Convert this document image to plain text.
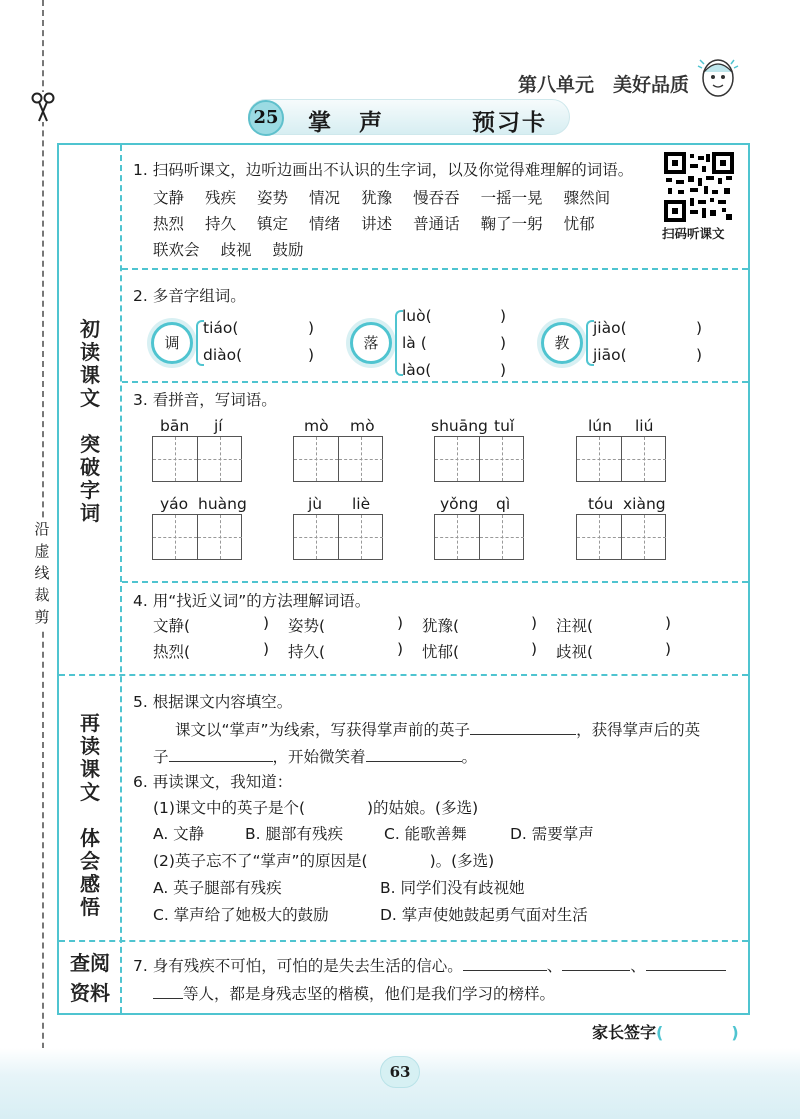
沿
虚
线
裁
剪
第八单元　美好品质
25 掌声	预习卡
初
读
课
文
突
破
字
词
再
读
课
文
体
会
感
悟
查阅
资料
1. 扫码听课文，边听边画出不认识的生字词，以及你觉得难理解的词语。
文静 残疾 姿势 情况 犹豫 慢吞吞 一摇一晃 骤然间
热烈 持久 镇定 情绪 讲述 普通话 鞠了一躬 忧郁
联欢会 歧视 鼓励
扫码听课文
2. 多音字组词。
调
tiáo(	)
diào(	)
落
luò(	)
là (	)
lào(	)
教
jiào(	)
jiāo(	)
3. 看拼音，写词语。
bān jí	mò mò	shuāng tuǐ	lún liú
yáo huàng	jù liè	yǒng qì	tóu xiàng
4. 用“找近义词”的方法理解词语。
文静(	) 姿势(	) 犹豫(	) 注视(	)
热烈(	) 持久(	) 忧郁(	) 歧视(	)
5. 根据课文内容填空。
课文以“掌声”为线索，写获得掌声前的英子	，获得掌声后的英
子	，开始微笑着	。
6. 再读课文，我知道：
(1)课文中的英子是个(　　　　)的姑娘。(多选)
A. 文静	B. 腿部有残疾	C. 能歌善舞	D. 需要掌声
(2)英子忘不了“掌声”的原因是(　　　　)。(多选)
A. 英子腿部有残疾	B. 同学们没有歧视她
C. 掌声给了她极大的鼓励	D. 掌声使她鼓起勇气面对生活
7. 身有残疾不可怕，可怕的是失去生活的信心。	、	、
等人，都是身残志坚的楷模，他们是我们学习的榜样。
家长签字(	)
63
